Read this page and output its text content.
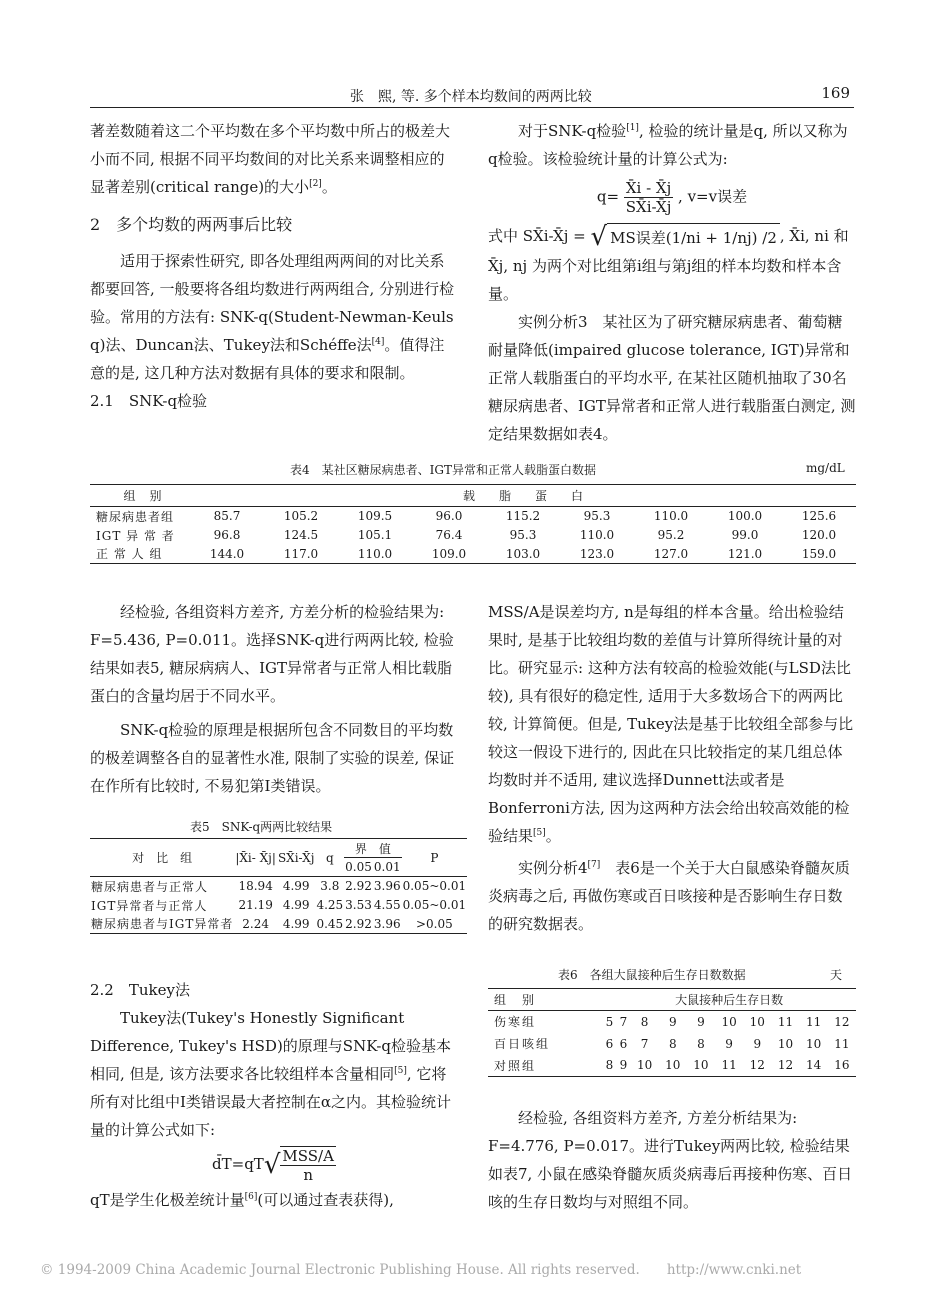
张　熙, 等. 多个样本均数间的两两比较	169

著差数随着这二个平均数在多个平均数中所占的极差大小而不同, 根据不同平均数间的对比关系来调整相应的显著差别(critical range)的大小[2]。

2　多个均数的两两事后比较

适用于探索性研究, 即各处理组两两间的对比关系都要回答, 一般要将各组均数进行两两组合, 分别进行检验。常用的方法有: SNK-q(Student-Newman-Keuls q)法、Duncan法、Tukey法和Schéffe法[4]。值得注意的是, 这几种方法对数据有具体的要求和限制。

2.1　SNK-q检验

对于SNK-q检验[1], 检验的统计量是q, 所以又称为q检验。该检验统计量的计算公式为:

$q= \frac{X̄i - X̄j}{SX̄i-X̄j}$ , v=v误差

式中 SX̄i-X̄j = √ MS误差(1/ni + 1/nj) /2 , X̄i, ni 和 X̄j, nj 为两个对比组第i组与第j组的样本均数和样本含量。

实例分析3　某社区为了研究糖尿病患者、葡萄糖耐量降低(impaired glucose tolerance, IGT)异常和正常人载脂蛋白的平均水平, 在某社区随机抽取了30名糖尿病患者、IGT异常者和正常人进行载脂蛋白测定, 测定结果数据如表4。

表4　某社区糖尿病患者、IGT异常和正常人载脂蛋白数据	mg/dL
组　别	载　　脂　　蛋　　白								
糖尿病患者组	85.7	105.2	109.5	96.0	115.2	95.3	110.0	100.0	125.6
IGT 异 常 者	96.8	124.5	105.1	76.4	95.3	110.0	95.2	99.0	120.0
正 常 人 组	144.0	117.0	110.0	109.0	103.0	123.0	127.0	121.0	159.0

经检验, 各组资料方差齐, 方差分析的检验结果为: F=5.436, P=0.011。选择SNK-q进行两两比较, 检验结果如表5, 糖尿病病人、IGT异常者与正常人相比载脂蛋白的含量均居于不同水平。

SNK-q检验的原理是根据所包含不同数目的平均数的极差调整各自的显著性水准, 限制了实验的误差, 保证在作所有比较时, 不易犯第Ⅰ类错误。

表5　SNK-q两两比较结果
对　比　组	|X̄i- X̄j|	SX̄i-X̄j	q	界　值		P
				0.05	0.01	
糖尿病患者与正常人	18.94	4.99	3.8	2.92	3.96	0.05~0.01
IGT异常者与正常人	21.19	4.99	4.25	3.53	4.55	0.05~0.01
糖尿病患者与IGT异常者	2.24	4.99	0.45	2.92	3.96	>0.05

2.2　Tukey法

Tukey法(Tukey's Honestly Significant Difference, Tukey's HSD)的原理与SNK-q检验基本相同, 但是, 该方法要求各比较组样本含量相同[5], 它将所有对比组中Ⅰ类错误最大者控制在α之内。其检验统计量的计算公式如下:

d̄T=qT√ MSS/A
n

qT是学生化极差统计量[6](可以通过查表获得),

MSS/A是误差均方, n是每组的样本含量。给出检验结果时, 是基于比较组均数的差值与计算所得统计量的对比。研究显示: 这种方法有较高的检验效能(与LSD法比较), 具有很好的稳定性, 适用于大多数场合下的两两比较, 计算简便。但是, Tukey法是基于比较组全部参与比较这一假设下进行的, 因此在只比较指定的某几组总体均数时并不适用, 建议选择Dunnett法或者是Bonferroni方法, 因为这两种方法会给出较高效能的检验结果[5]。

实例分析4[7]　表6是一个关于大白鼠感染脊髓灰质炎病毒之后, 再做伤寒或百日咳接种是否影响生存日数的研究数据表。

表6　各组大鼠接种后生存日数数据	天
组　别	大鼠接种后生存日数									
伤寒组	5	7	8	9	9	10	10	11	11	12
百日咳组	6	6	7	8	8	9	9	10	10	11
对照组	8	9	10	10	10	11	12	12	14	16

经检验, 各组资料方差齐, 方差分析结果为: F=4.776, P=0.017。进行Tukey两两比较, 检验结果如表7, 小鼠在感染脊髓灰质炎病毒后再接种伤寒、百日咳的生存日数均与对照组不同。

© 1994-2009 China Academic Journal Electronic Publishing House. All rights reserved.　　http://www.cnki.net
